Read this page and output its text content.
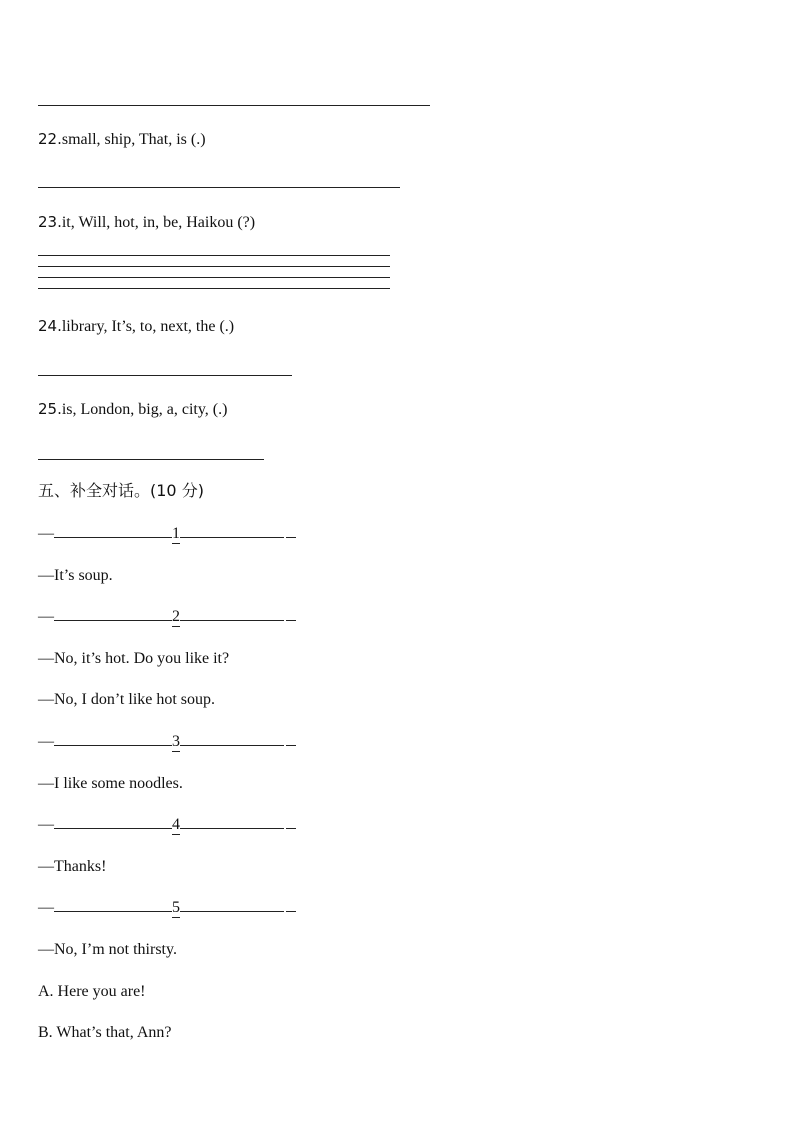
22.small, ship, That, is (.)
23.it, Will, hot, in, be, Haikou (?)
24.library, It’s, to, next, the (.)
25.is, London, big, a, city, (.)
五、补全对话。(10 分)
—	1
—It’s soup.
—	2
—No, it’s hot. Do you like it?
—No, I don’t like hot soup.
—	3
—I like some noodles.
—	4
—Thanks!
—	5
—No, I’m not thirsty.
A. Here you are!
B. What’s that, Ann?
